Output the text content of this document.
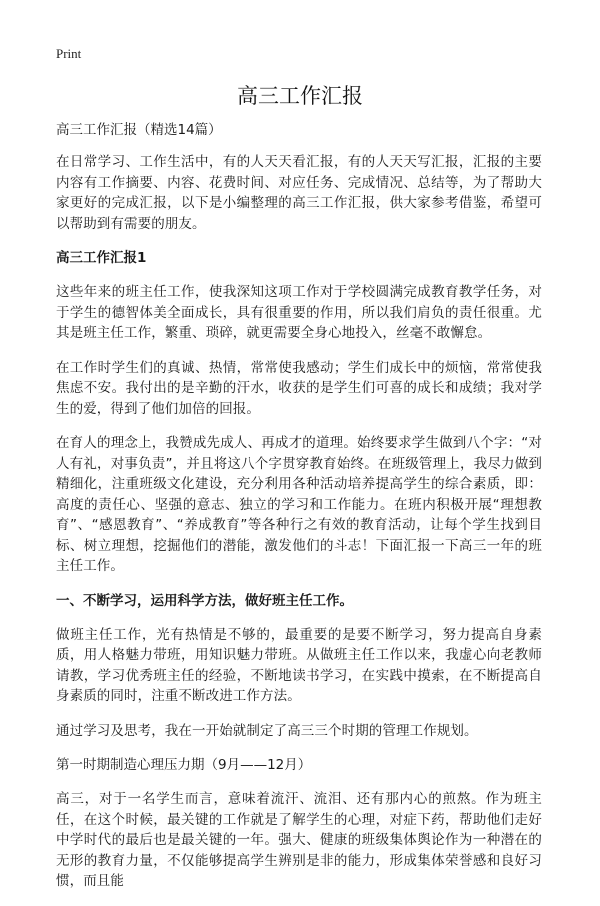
Print
高三工作汇报

高三工作汇报（精选14篇）

在日常学习、工作生活中，有的人天天看汇报，有的人天天写汇报，汇报的主要内容有工作摘要、内容、花费时间、对应任务、完成情况、总结等，为了帮助大家更好的完成汇报，以下是小编整理的高三工作汇报，供大家参考借鉴，希望可以帮助到有需要的朋友。

高三工作汇报1

这些年来的班主任工作，使我深知这项工作对于学校圆满完成教育教学任务，对于学生的德智体美全面成长，具有很重要的作用，所以我们肩负的责任很重。尤其是班主任工作，繁重、琐碎，就更需要全身心地投入，丝毫不敢懈怠。

在工作时学生们的真诚、热情，常常使我感动；学生们成长中的烦恼，常常使我焦虑不安。我付出的是辛勤的汗水，收获的是学生们可喜的成长和成绩；我对学生的爱，得到了他们加倍的回报。

在育人的理念上，我赞成先成人、再成才的道理。始终要求学生做到八个字：“对人有礼，对事负责”，并且将这八个字贯穿教育始终。在班级管理上，我尽力做到精细化，注重班级文化建设，充分利用各种活动培养提高学生的综合素质，即：高度的责任心、坚强的意志、独立的学习和工作能力。在班内积极开展“理想教育”、“感恩教育”、“养成教育”等各种行之有效的教育活动，让每个学生找到目标、树立理想，挖掘他们的潜能，激发他们的斗志！下面汇报一下高三一年的班主任工作。

一、不断学习，运用科学方法，做好班主任工作。

做班主任工作，光有热情是不够的，最重要的是要不断学习，努力提高自身素质，用人格魅力带班，用知识魅力带班。从做班主任工作以来，我虚心向老教师请教，学习优秀班主任的经验，不断地读书学习，在实践中摸索，在不断提高自身素质的同时，注重不断改进工作方法。

通过学习及思考，我在一开始就制定了高三三个时期的管理工作规划。

第一时期制造心理压力期（9月——12月）

高三，对于一名学生而言，意味着流汗、流泪、还有那内心的煎熬。作为班主任，在这个时候，最关键的工作就是了解学生的心理，对症下药，帮助他们走好中学时代的最后也是最关键的一年。强大、健康的班级集体舆论作为一种潜在的无形的教育力量，不仅能够提高学生辨别是非的能力，形成集体荣誉感和良好习惯，而且能
